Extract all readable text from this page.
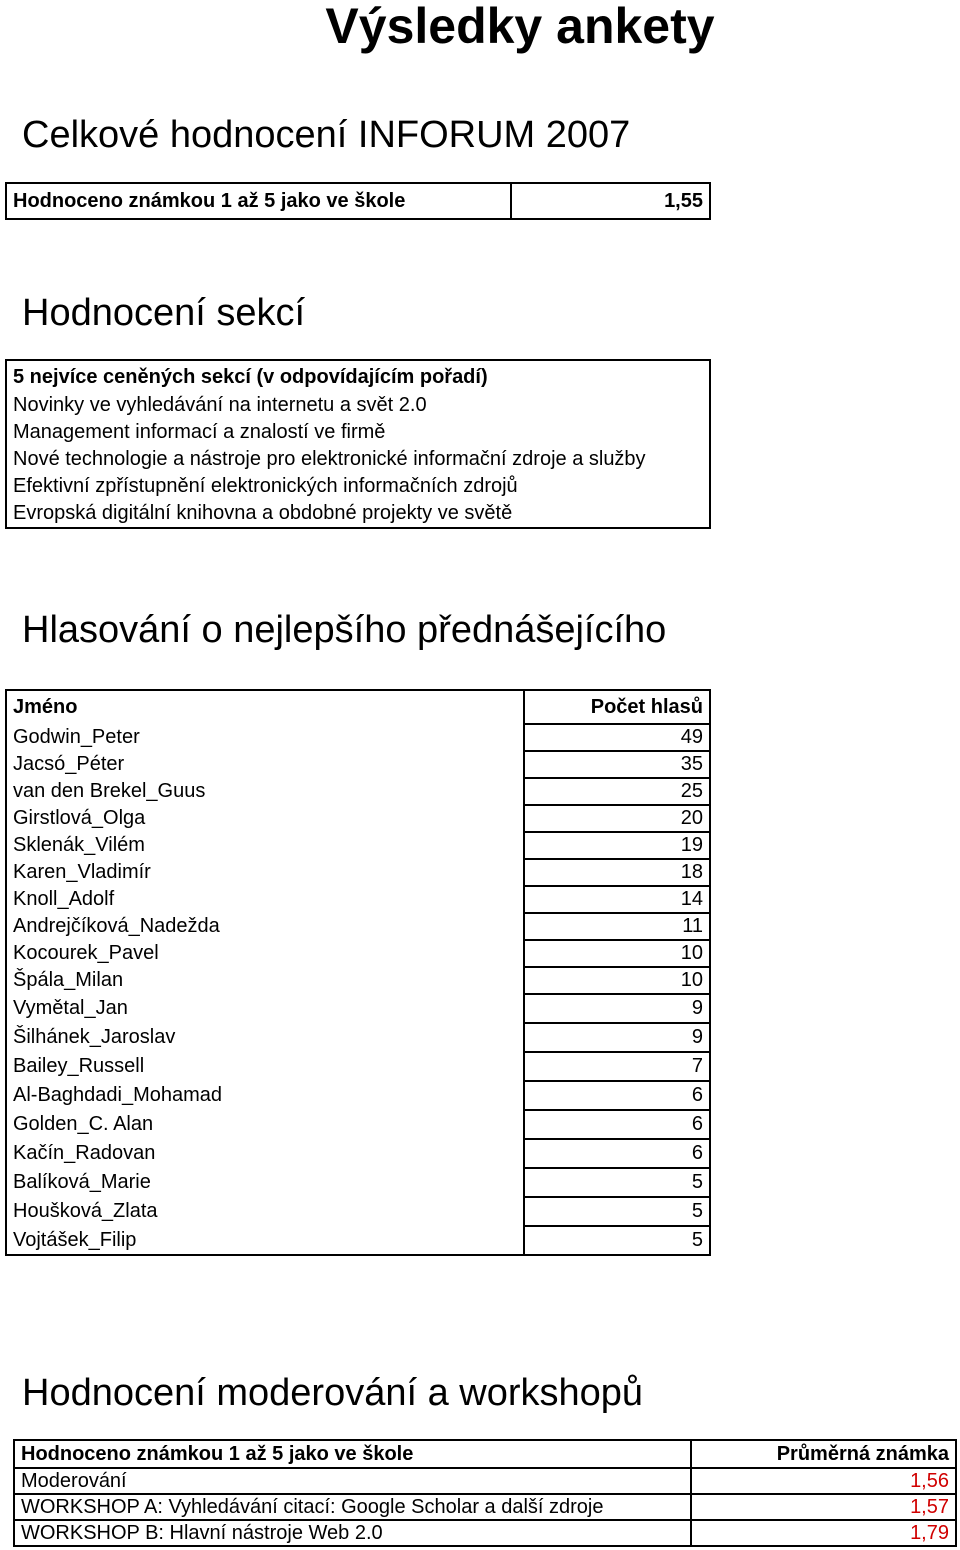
Výsledky ankety
Celkové hodnocení INFORUM 2007
Hodnoceno známkou 1 až 5 jako ve škole	1,55
Hodnocení sekcí
5 nejvíce ceněných sekcí (v odpovídajícím pořadí)
Novinky ve vyhledávání na internetu a svět 2.0
Management informací a znalostí ve firmě
Nové technologie a nástroje pro elektronické informační zdroje a služby
Efektivní zpřístupnění elektronických informačních zdrojů
Evropská digitální knihovna a obdobné projekty ve světě
Hlasování o nejlepšího přednášejícího
Jméno	Počet hlasů
Godwin_Peter	49
Jacsó_Péter	35
van den Brekel_Guus	25
Girstlová_Olga	20
Sklenák_Vilém	19
Karen_Vladimír	18
Knoll_Adolf	14
Andrejčíková_Nadežda	11
Kocourek_Pavel	10
Špála_Milan	10
Vymětal_Jan	9
Šilhánek_Jaroslav	9
Bailey_Russell	7
Al-Baghdadi_Mohamad	6
Golden_C. Alan	6
Kačín_Radovan	6
Balíková_Marie	5
Houšková_Zlata	5
Vojtášek_Filip	5
Hodnocení moderování a workshopů
Hodnoceno známkou 1 až 5 jako ve škole	Průměrná známka
Moderování	1,56
WORKSHOP A: Vyhledávání citací: Google Scholar a další zdroje	1,57
WORKSHOP B: Hlavní nástroje Web 2.0	1,79
